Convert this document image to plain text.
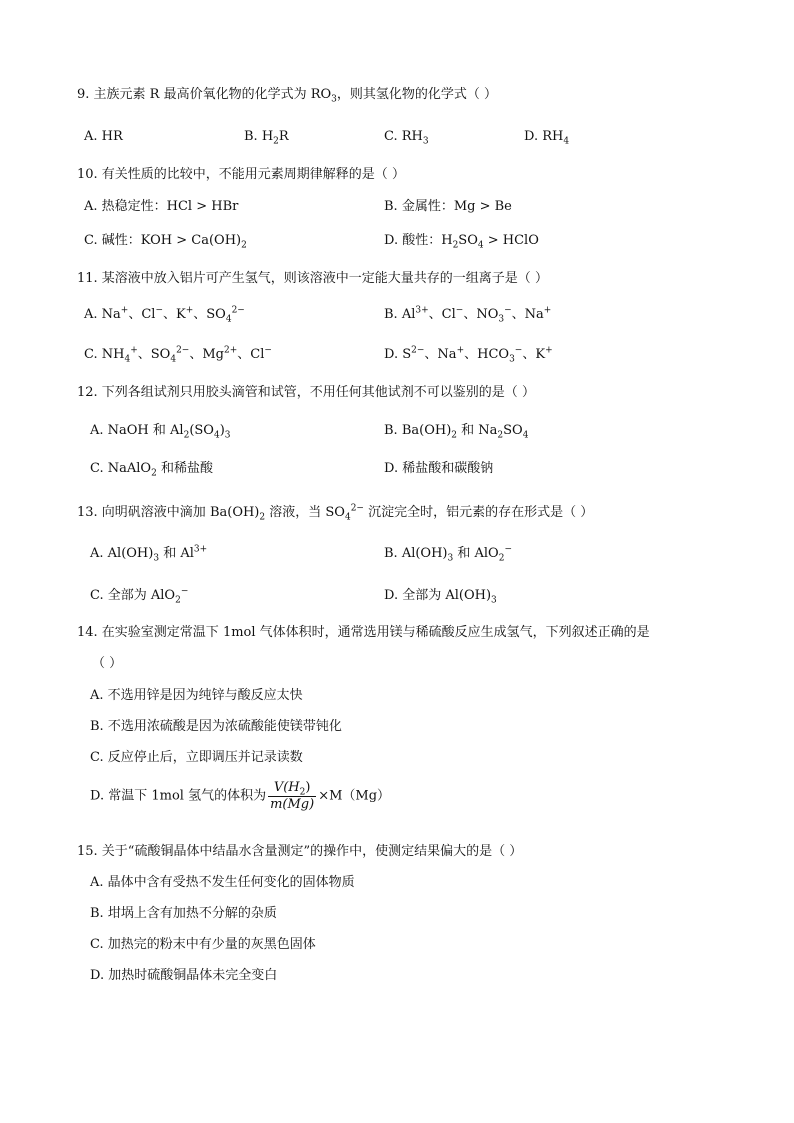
9. 主族元素 R 最高价氧化物的化学式为 $RO_3$，则其氢化物的化学式（ ）
A. HR	B. $H_2R$	C. $RH_3$	D. $RH_4$
10. 有关性质的比较中，不能用元素周期律解释的是（ ）
A. 热稳定性：HCl > HBr	B. 金属性：Mg > Be
C. 碱性：KOH > $Ca(OH)_2$	D. 酸性：$H_2SO_4$ > HClO
11. 某溶液中放入铝片可产生氢气，则该溶液中一定能大量共存的一组离子是（ ）
A. Na+、Cl−、K+、$SO_4^{2-}$	B. $Al^{3+}$、Cl−、$NO_3^-$、Na+
C. $NH_4^+$、$SO_4^{2-}$、$Mg^{2+}$、Cl−	D. $S^{2-}$、Na+、$HCO_3^-$、K+
12. 下列各组试剂只用胶头滴管和试管，不用任何其他试剂不可以鉴别的是（ ）
A. NaOH 和 $Al_2(SO_4)_3$	B. $Ba(OH)_2$ 和 $Na_2SO_4$
C. NaAlO$_2$ 和稀盐酸	D. 稀盐酸和碳酸钠
13. 向明矾溶液中滴加 $Ba(OH)_2$ 溶液，当 $SO_4^{2-}$ 沉淀完全时，铝元素的存在形式是（ ）
A. $Al(OH)_3$ 和 $Al^{3+}$	B. $Al(OH)_3$ 和 AlO$_2$−
C. 全部为 AlO$_2$−	D. 全部为 $Al(OH)_3$
14. 在实验室测定常温下 1mol 气体体积时，通常选用镁与稀硫酸反应生成氢气，下列叙述正确的是
（ ）
A. 不选用锌是因为纯锌与酸反应太快
B. 不选用浓硫酸是因为浓硫酸能使镁带钝化
C. 反应停止后，立即调压并记录读数
D. 常温下 1mol 氢气的体积为 $\frac{V(H_2)}{m(Mg)} \times M(Mg)$
15. 关于“硫酸铜晶体中结晶水含量测定”的操作中，使测定结果偏大的是（ ）
A. 晶体中含有受热不发生任何变化的固体物质
B. 坩埚上含有加热不分解的杂质
C. 加热完的粉末中有少量的灰黑色固体
D. 加热时硫酸铜晶体未完全变白
